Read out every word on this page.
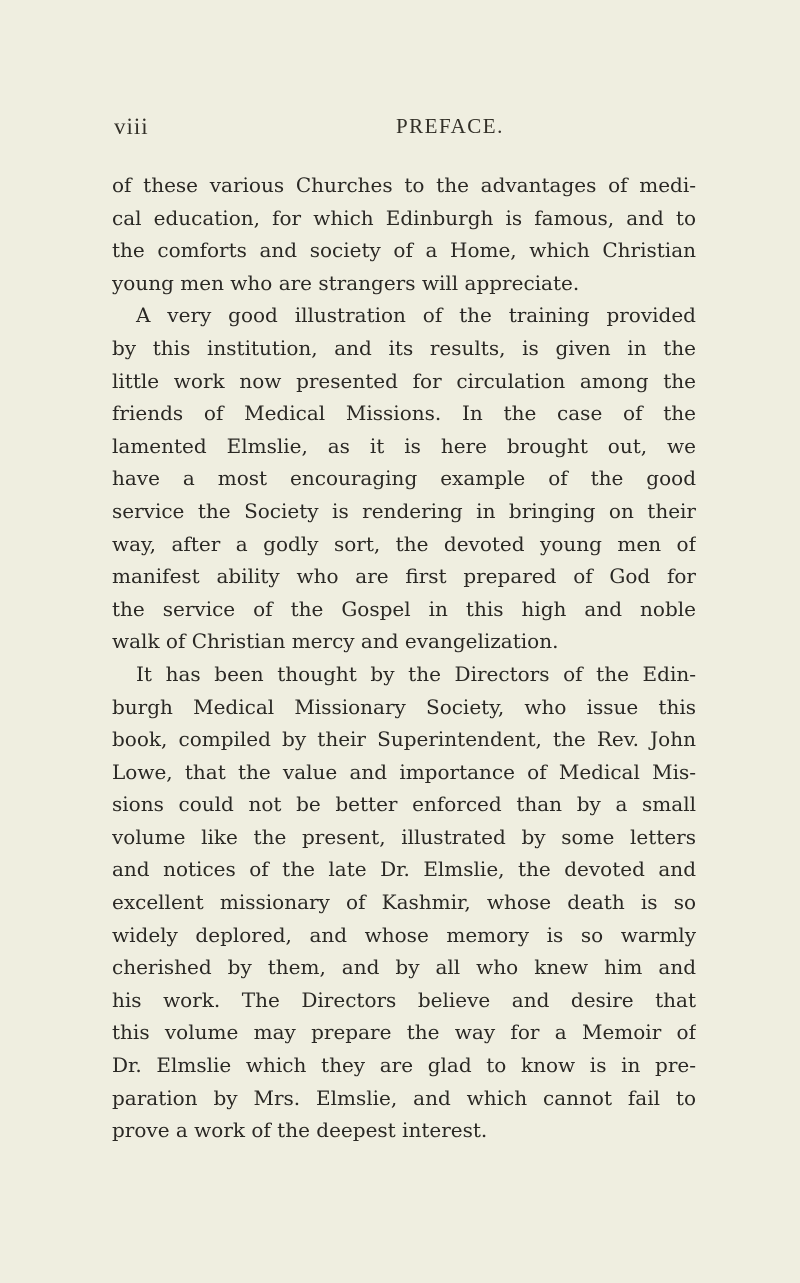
viii	PREFACE.
of these various Churches to the advantages of medi-
cal education, for which Edinburgh is famous, and to
the comforts and society of a Home, which Christian
young men who are strangers will appreciate.
A very good illustration of the training provided
by this institution, and its results, is given in the
little work now presented for circulation among the
friends of Medical Missions. In the case of the
lamented Elmslie, as it is here brought out, we
have a most encouraging example of the good
service the Society is rendering in bringing on their
way, after a godly sort, the devoted young men of
manifest ability who are first prepared of God for
the service of the Gospel in this high and noble
walk of Christian mercy and evangelization.
It has been thought by the Directors of the Edin-
burgh Medical Missionary Society, who issue this
book, compiled by their Superintendent, the Rev. John
Lowe, that the value and importance of Medical Mis-
sions could not be better enforced than by a small
volume like the present, illustrated by some letters
and notices of the late Dr. Elmslie, the devoted and
excellent missionary of Kashmir, whose death is so
widely deplored, and whose memory is so warmly
cherished by them, and by all who knew him and
his work. The Directors believe and desire that
this volume may prepare the way for a Memoir of
Dr. Elmslie which they are glad to know is in pre-
paration by Mrs. Elmslie, and which cannot fail to
prove a work of the deepest interest.
